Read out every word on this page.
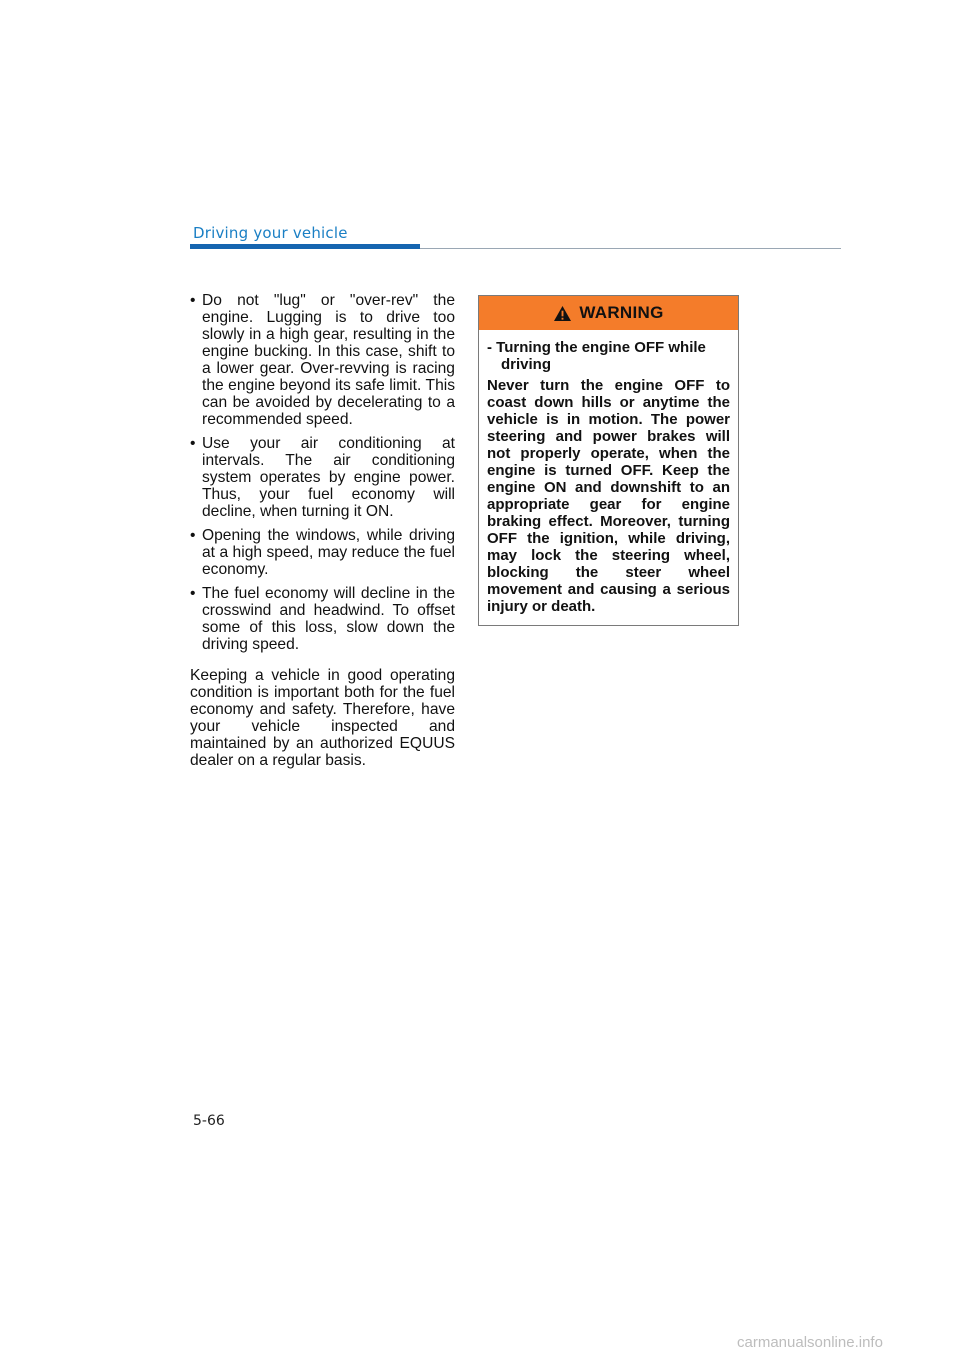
Driving your vehicle
• Do not "lug" or "over-rev" the engine. Lugging is to drive too slowly in a high gear, resulting in the engine bucking. In this case, shift to a lower gear. Over-revving is racing the engine beyond its safe limit. This can be avoided by decelerating to a recommended speed.
• Use your air conditioning at intervals. The air conditioning system operates by engine power. Thus, your fuel economy will decline, when turning it ON.
• Opening the windows, while driving at a high speed, may reduce the fuel economy.
• The fuel economy will decline in the crosswind and headwind. To offset some of this loss, slow down the driving speed.

Keeping a vehicle in good operating condition is important both for the fuel economy and safety. Therefore, have your vehicle inspected and maintained by an authorized EQUUS dealer on a regular basis.

WARNING

- Turning the engine OFF while driving

Never turn the engine OFF to coast down hills or anytime the vehicle is in motion. The power steering and power brakes will not properly operate, when the engine is turned OFF. Keep the engine ON and downshift to an appropriate gear for engine braking effect. Moreover, turning OFF the ignition, while driving, may lock the steering wheel, blocking the steer wheel movement and causing a serious injury or death.

5-66
carmanualsonline.info
